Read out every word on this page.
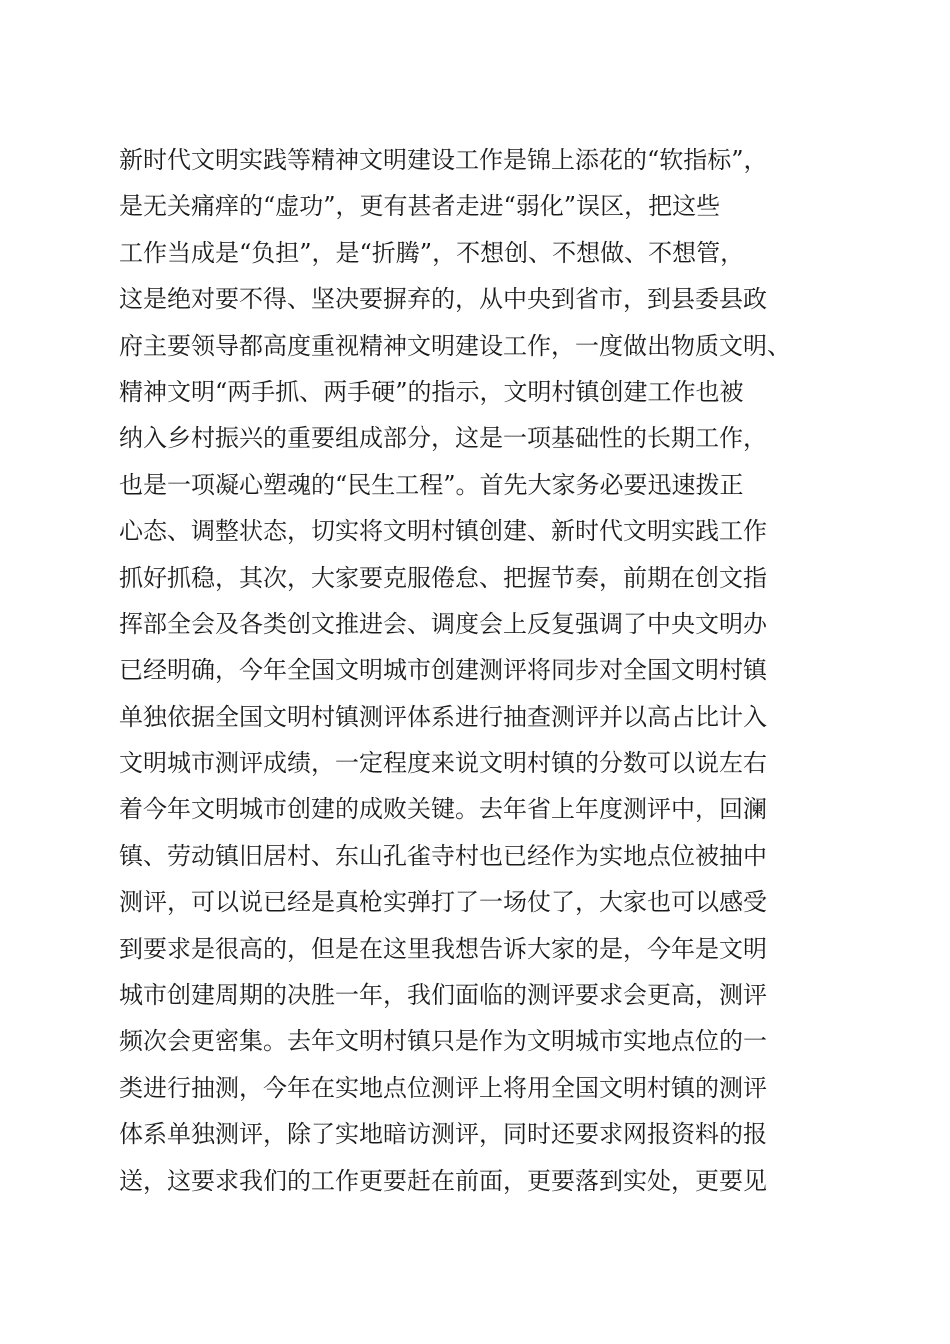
新时代文明实践等精神文明建设工作是锦上添花的“软指标”，
是无关痛痒的“虚功”，更有甚者走进“弱化”误区，把这些
工作当成是“负担”，是“折腾”，不想创、不想做、不想管，
这是绝对要不得、坚决要摒弃的，从中央到省市，到县委县政
府主要领导都高度重视精神文明建设工作，一度做出物质文明、
精神文明“两手抓、两手硬”的指示，文明村镇创建工作也被
纳入乡村振兴的重要组成部分，这是一项基础性的长期工作，
也是一项凝心塑魂的“民生工程”。首先大家务必要迅速拨正
心态、调整状态，切实将文明村镇创建、新时代文明实践工作
抓好抓稳，其次，大家要克服倦怠、把握节奏，前期在创文指
挥部全会及各类创文推进会、调度会上反复强调了中央文明办
已经明确，今年全国文明城市创建测评将同步对全国文明村镇
单独依据全国文明村镇测评体系进行抽查测评并以高占比计入
文明城市测评成绩，一定程度来说文明村镇的分数可以说左右
着今年文明城市创建的成败关键。去年省上年度测评中，回澜
镇、劳动镇旧居村、东山孔雀寺村也已经作为实地点位被抽中
测评，可以说已经是真枪实弹打了一场仗了，大家也可以感受
到要求是很高的，但是在这里我想告诉大家的是，今年是文明
城市创建周期的决胜一年，我们面临的测评要求会更高，测评
频次会更密集。去年文明村镇只是作为文明城市实地点位的一
类进行抽测，今年在实地点位测评上将用全国文明村镇的测评
体系单独测评，除了实地暗访测评，同时还要求网报资料的报
送，这要求我们的工作更要赶在前面，更要落到实处，更要见
